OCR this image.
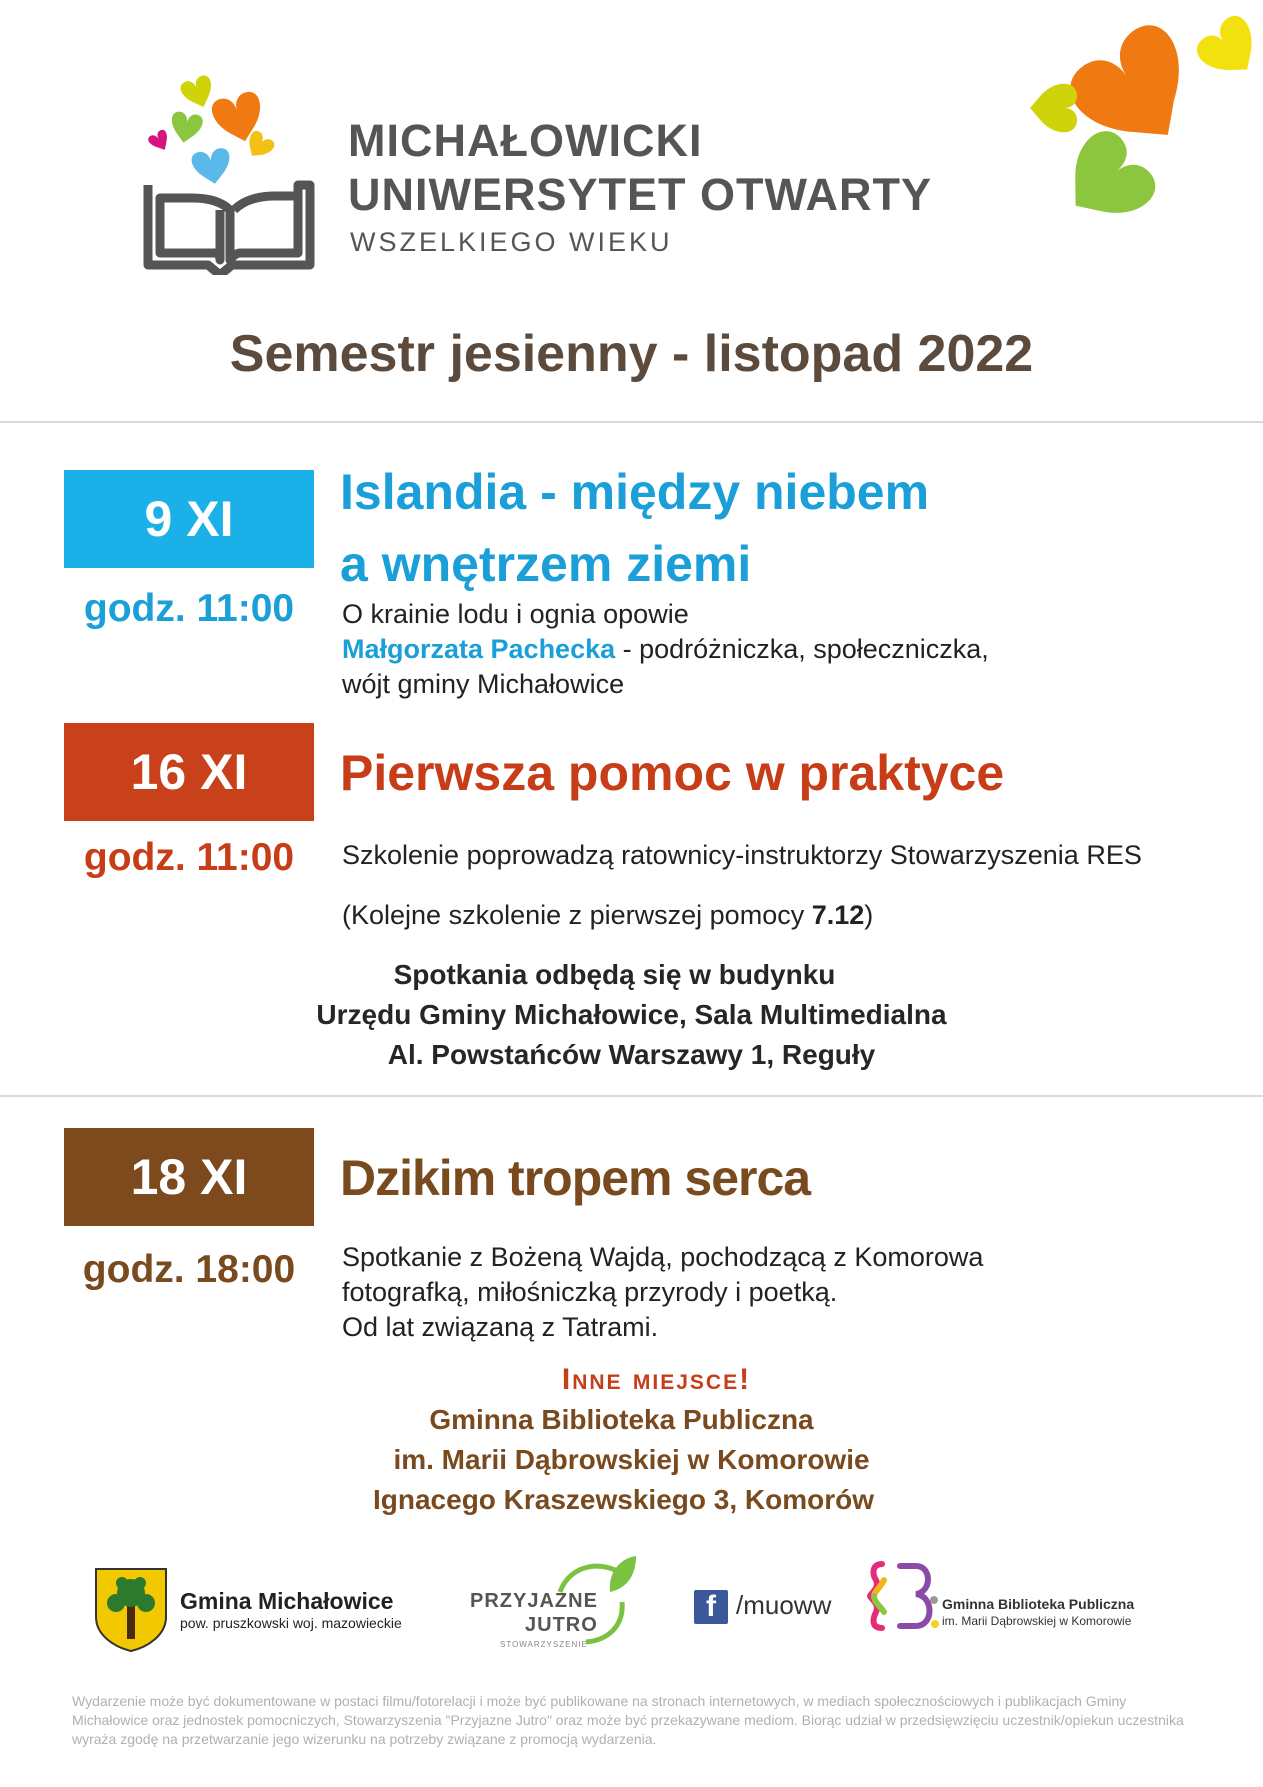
MICHAŁOWICKI
UNIWERSYTET OTWARTY
WSZELKIEGO WIEKU
Semestr jesienny - listopad 2022
9 XI
godz. 11:00
Islandia - między niebem
a wnętrzem ziemi
O krainie lodu i ognia opowie
Małgorzata Pachecka - podróżniczka, społeczniczka,
wójt gminy Michałowice
16 XI
godz. 11:00
Pierwsza pomoc w praktyce
Szkolenie poprowadzą ratownicy-instruktorzy Stowarzyszenia RES
(Kolejne szkolenie z pierwszej pomocy 7.12)
Spotkania odbędą się w budynku
Urzędu Gminy Michałowice, Sala Multimedialna
Al. Powstańców Warszawy 1, Reguły
18 XI
godz. 18:00
Dzikim tropem serca
Spotkanie z Bożeną Wajdą, pochodzącą z Komorowa
fotografką, miłośniczką przyrody i poetką.
Od lat związaną z Tatrami.
Inne miejsce!
Gminna Biblioteka Publiczna
im. Marii Dąbrowskiej w Komorowie
Ignacego Kraszewskiego 3, Komorów
Gmina Michałowice
pow. pruszkowski woj. mazowieckie
PRZYJAZNE
JUTRO
STOWARZYSZENIE
f /muoww	Gminna Biblioteka Publiczna
im. Marii Dąbrowskiej w Komorowie
Wydarzenie może być dokumentowane w postaci filmu/fotorelacji i może być publikowane na stronach internetowych, w mediach społecznościowych i publikacjach Gminy Michałowice oraz jednostek pomocniczych, Stowarzyszenia "Przyjazne Jutro" oraz może być przekazywane mediom. Biorąc udział w przedsięwzięciu uczestnik/opiekun uczestnika wyraża zgodę na przetwarzanie jego wizerunku na potrzeby związane z promocją wydarzenia.
